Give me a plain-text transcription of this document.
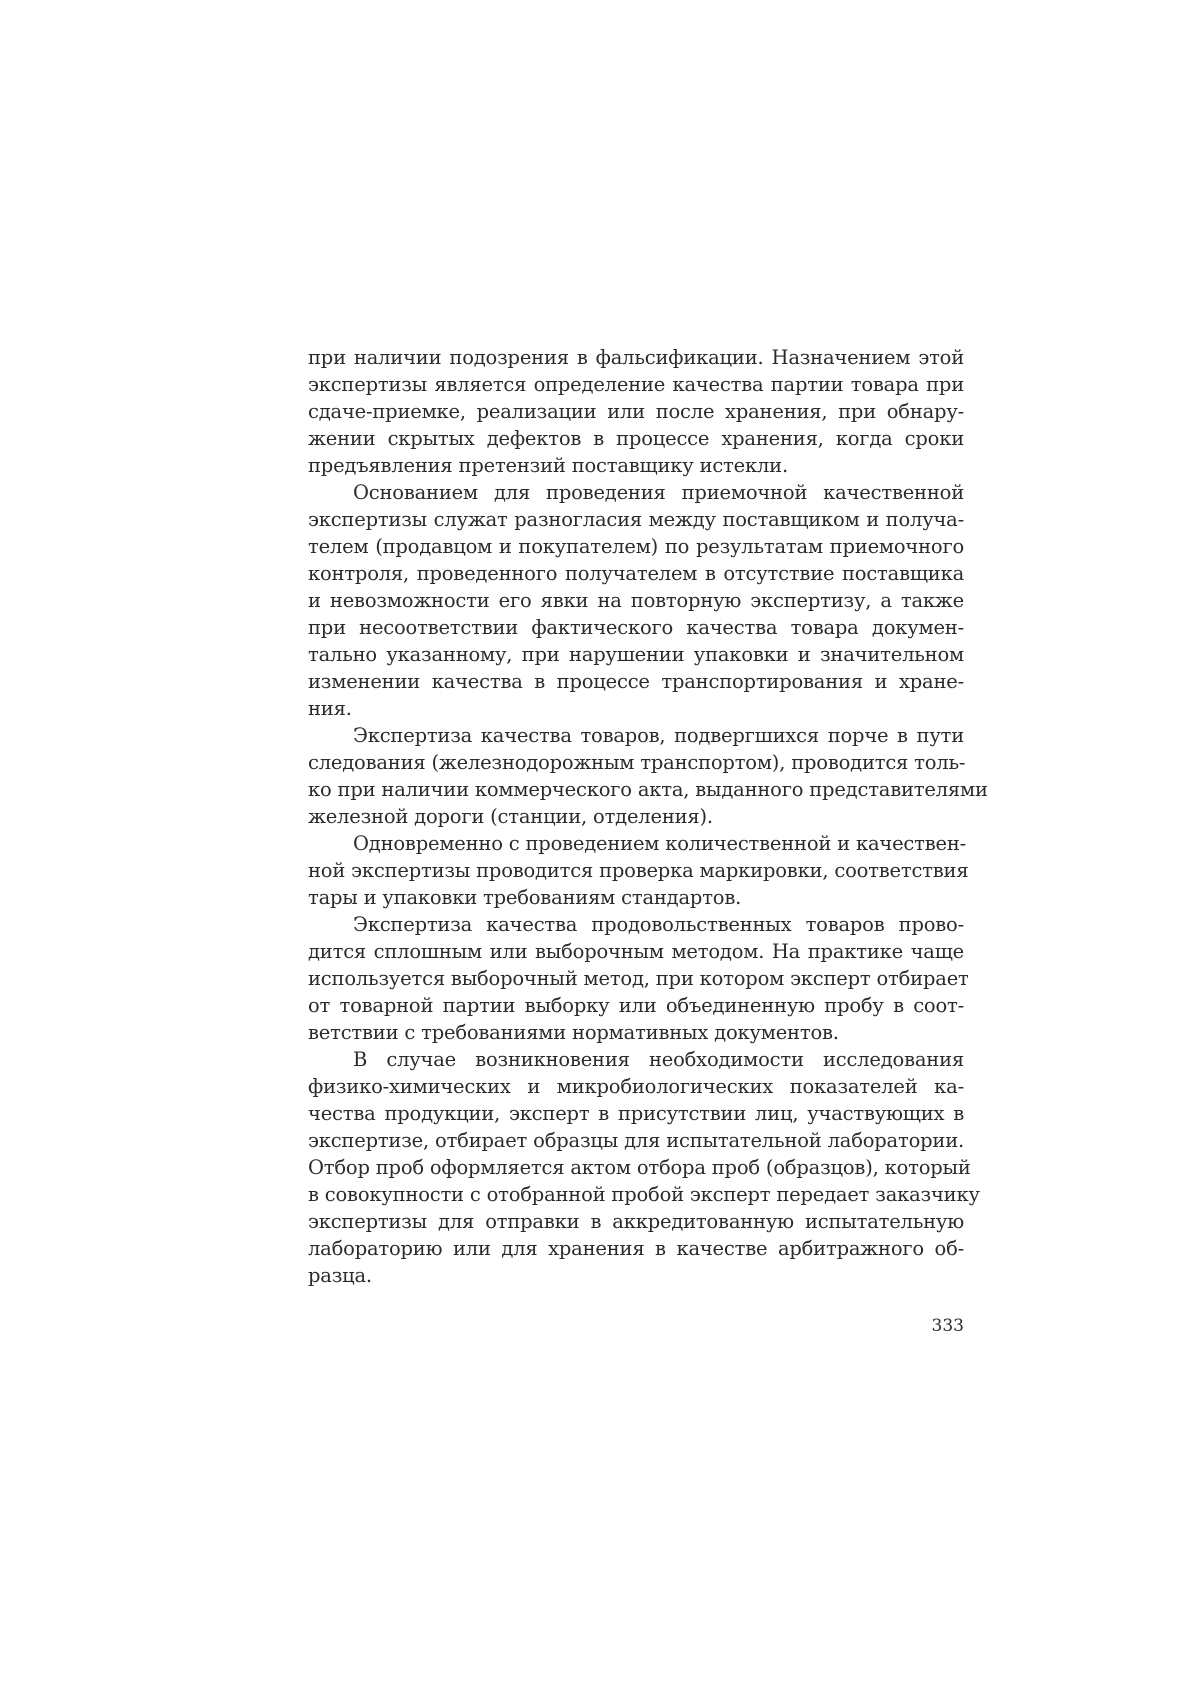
при наличии подозрения в фальсификации. Назначением этой
экспертизы является определение качества партии товара при
сдаче-приемке, реализации или после хранения, при обнару-
жении скрытых дефектов в процессе хранения, когда сроки
предъявления претензий поставщику истекли.
Основанием для проведения приемочной качественной
экспертизы служат разногласия между поставщиком и получа-
телем (продавцом и покупателем) по результатам приемочного
контроля, проведенного получателем в отсутствие поставщика
и невозможности его явки на повторную экспертизу, а также
при несоответствии фактического качества товара докумен-
тально указанному, при нарушении упаковки и значительном
изменении качества в процессе транспортирования и хране-
ния.
Экспертиза качества товаров, подвергшихся порче в пути
следования (железнодорожным транспортом), проводится толь-
ко при наличии коммерческого акта, выданного представителями
железной дороги (станции, отделения).
Одновременно с проведением количественной и качествен-
ной экспертизы проводится проверка маркировки, соответствия
тары и упаковки требованиям стандартов.
Экспертиза качества продовольственных товаров прово-
дится сплошным или выборочным методом. На практике чаще
используется выборочный метод, при котором эксперт отбирает
от товарной партии выборку или объединенную пробу в соот-
ветствии с требованиями нормативных документов.
В случае возникновения необходимости исследования
физико-химических и микробиологических показателей ка-
чества продукции, эксперт в присутствии лиц, участвующих в
экспертизе, отбирает образцы для испытательной лаборатории.
Отбор проб оформляется актом отбора проб (образцов), который
в совокупности с отобранной пробой эксперт передает заказчику
экспертизы для отправки в аккредитованную испытательную
лабораторию или для хранения в качестве арбитражного об-
разца.
333
